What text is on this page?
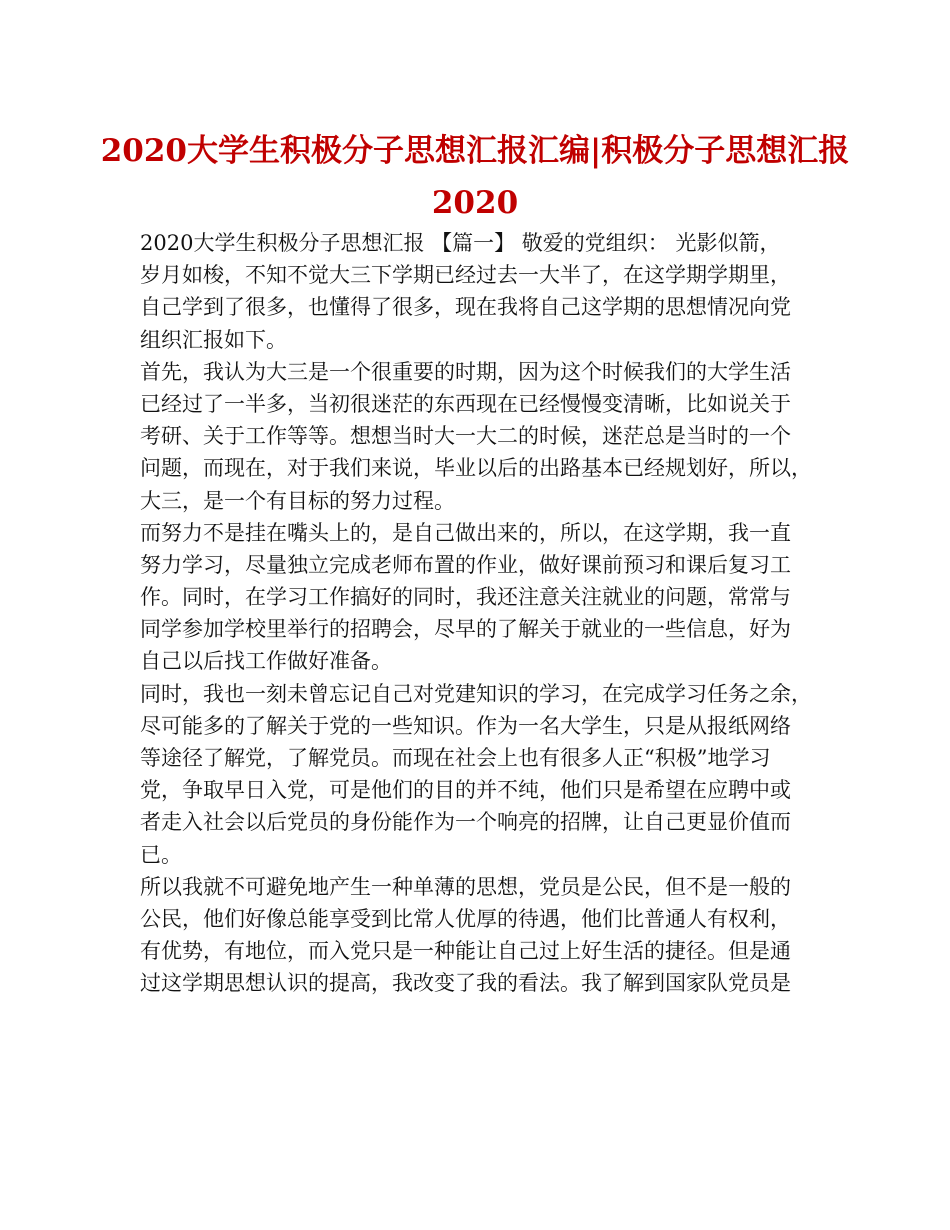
2020大学生积极分子思想汇报汇编|积极分子思想汇报
2020
2020大学生积极分子思想汇报 【篇一】 敬爱的党组织： 光影似箭，
岁月如梭，不知不觉大三下学期已经过去一大半了，在这学期学期里，
自己学到了很多，也懂得了很多，现在我将自己这学期的思想情况向党
组织汇报如下。
首先，我认为大三是一个很重要的时期，因为这个时候我们的大学生活
已经过了一半多，当初很迷茫的东西现在已经慢慢变清晰，比如说关于
考研、关于工作等等。想想当时大一大二的时候，迷茫总是当时的一个
问题，而现在，对于我们来说，毕业以后的出路基本已经规划好，所以，
大三，是一个有目标的努力过程。
而努力不是挂在嘴头上的，是自己做出来的，所以，在这学期，我一直
努力学习，尽量独立完成老师布置的作业，做好课前预习和课后复习工
作。同时，在学习工作搞好的同时，我还注意关注就业的问题，常常与
同学参加学校里举行的招聘会，尽早的了解关于就业的一些信息，好为
自己以后找工作做好准备。
同时，我也一刻未曾忘记自己对党建知识的学习，在完成学习任务之余，
尽可能多的了解关于党的一些知识。作为一名大学生，只是从报纸网络
等途径了解党，了解党员。而现在社会上也有很多人正“积极”地学习
党，争取早日入党，可是他们的目的并不纯，他们只是希望在应聘中或
者走入社会以后党员的身份能作为一个响亮的招牌，让自己更显价值而
已。
所以我就不可避免地产生一种单薄的思想，党员是公民，但不是一般的
公民，他们好像总能享受到比常人优厚的待遇，他们比普通人有权利，
有优势，有地位，而入党只是一种能让自己过上好生活的捷径。但是通
过这学期思想认识的提高，我改变了我的看法。我了解到国家队党员是
